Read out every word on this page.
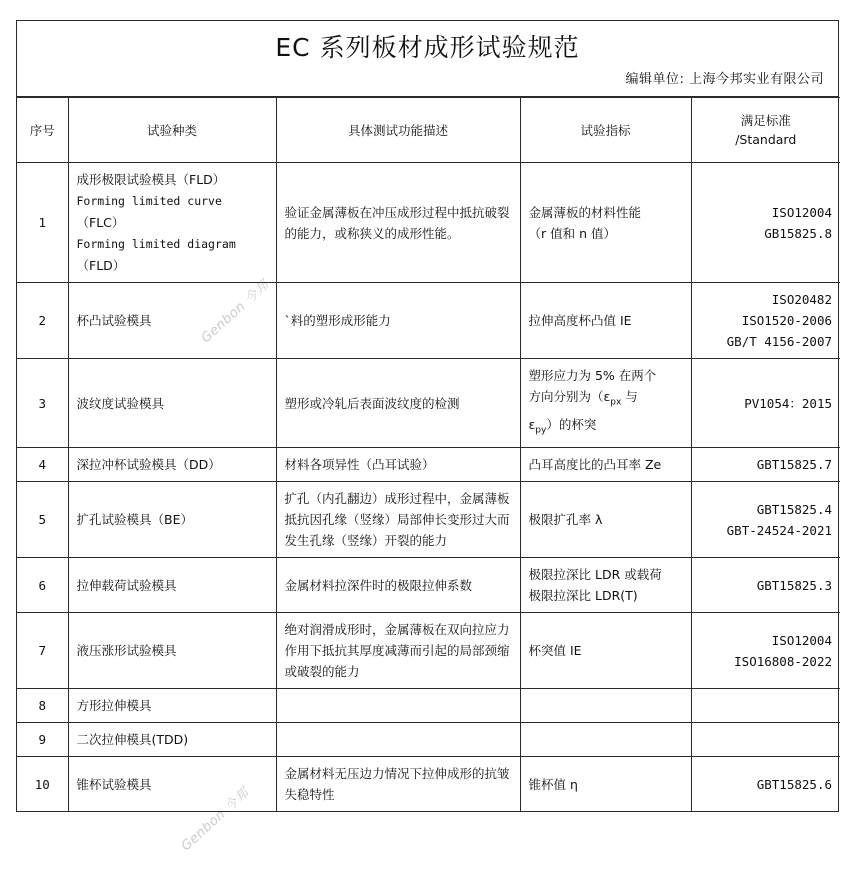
Genbon 今邦
Genbon 今邦
EC 系列板材成形试验规范
编辑单位: 上海今邦实业有限公司
序号	试验种类	具体测试功能描述	试验指标	满足标准
/Standard

1	成形极限试验模具（FLD）
Forming limited curve
（FLC）
Forming limited diagram
（FLD）	验证金属薄板在冲压成形过程中抵抗破裂的能力，或称狭义的成形性能。	金属薄板的材料性能
（r 值和 n 值）	ISO12004
GB15825.8

2	杯凸试验模具	`料的塑形成形能力	拉伸高度杯凸值 IE	ISO20482
ISO1520-2006
GB/T 4156-2007

3	波纹度试验模具	塑形或冷轧后表面波纹度的检测	塑形应力为 5% 在两个
方向分别为（$\varepsilon_{px}$ 与
$\varepsilon_{py}$）的杯突	PV1054：2015

4	深拉冲杯试验模具（DD）	材料各项异性（凸耳试验）	凸耳高度比的凸耳率 Ze	GBT15825.7

5	扩孔试验模具（BE）	扩孔（内孔翻边）成形过程中，金属薄板抵抗因孔缘（竖缘）局部伸长变形过大而发生孔缘（竖缘）开裂的能力	极限扩孔率 λ	GBT15825.4
GBT-24524-2021

6	拉伸载荷试验模具	金属材料拉深件时的极限拉伸系数	极限拉深比 LDR 或载荷
极限拉深比 LDR(T)	GBT15825.3

7	液压涨形试验模具	绝对润滑成形时，金属薄板在双向拉应力作用下抵抗其厚度减薄而引起的局部颈缩或破裂的能力	杯突值 IE	ISO12004
ISO16808-2022

8	方形拉伸模具			

9	二次拉伸模具(TDD)			

10	锥杯试验模具	金属材料无压边力情况下拉伸成形的抗皱失稳特性	锥杯值 η	GBT15825.6
